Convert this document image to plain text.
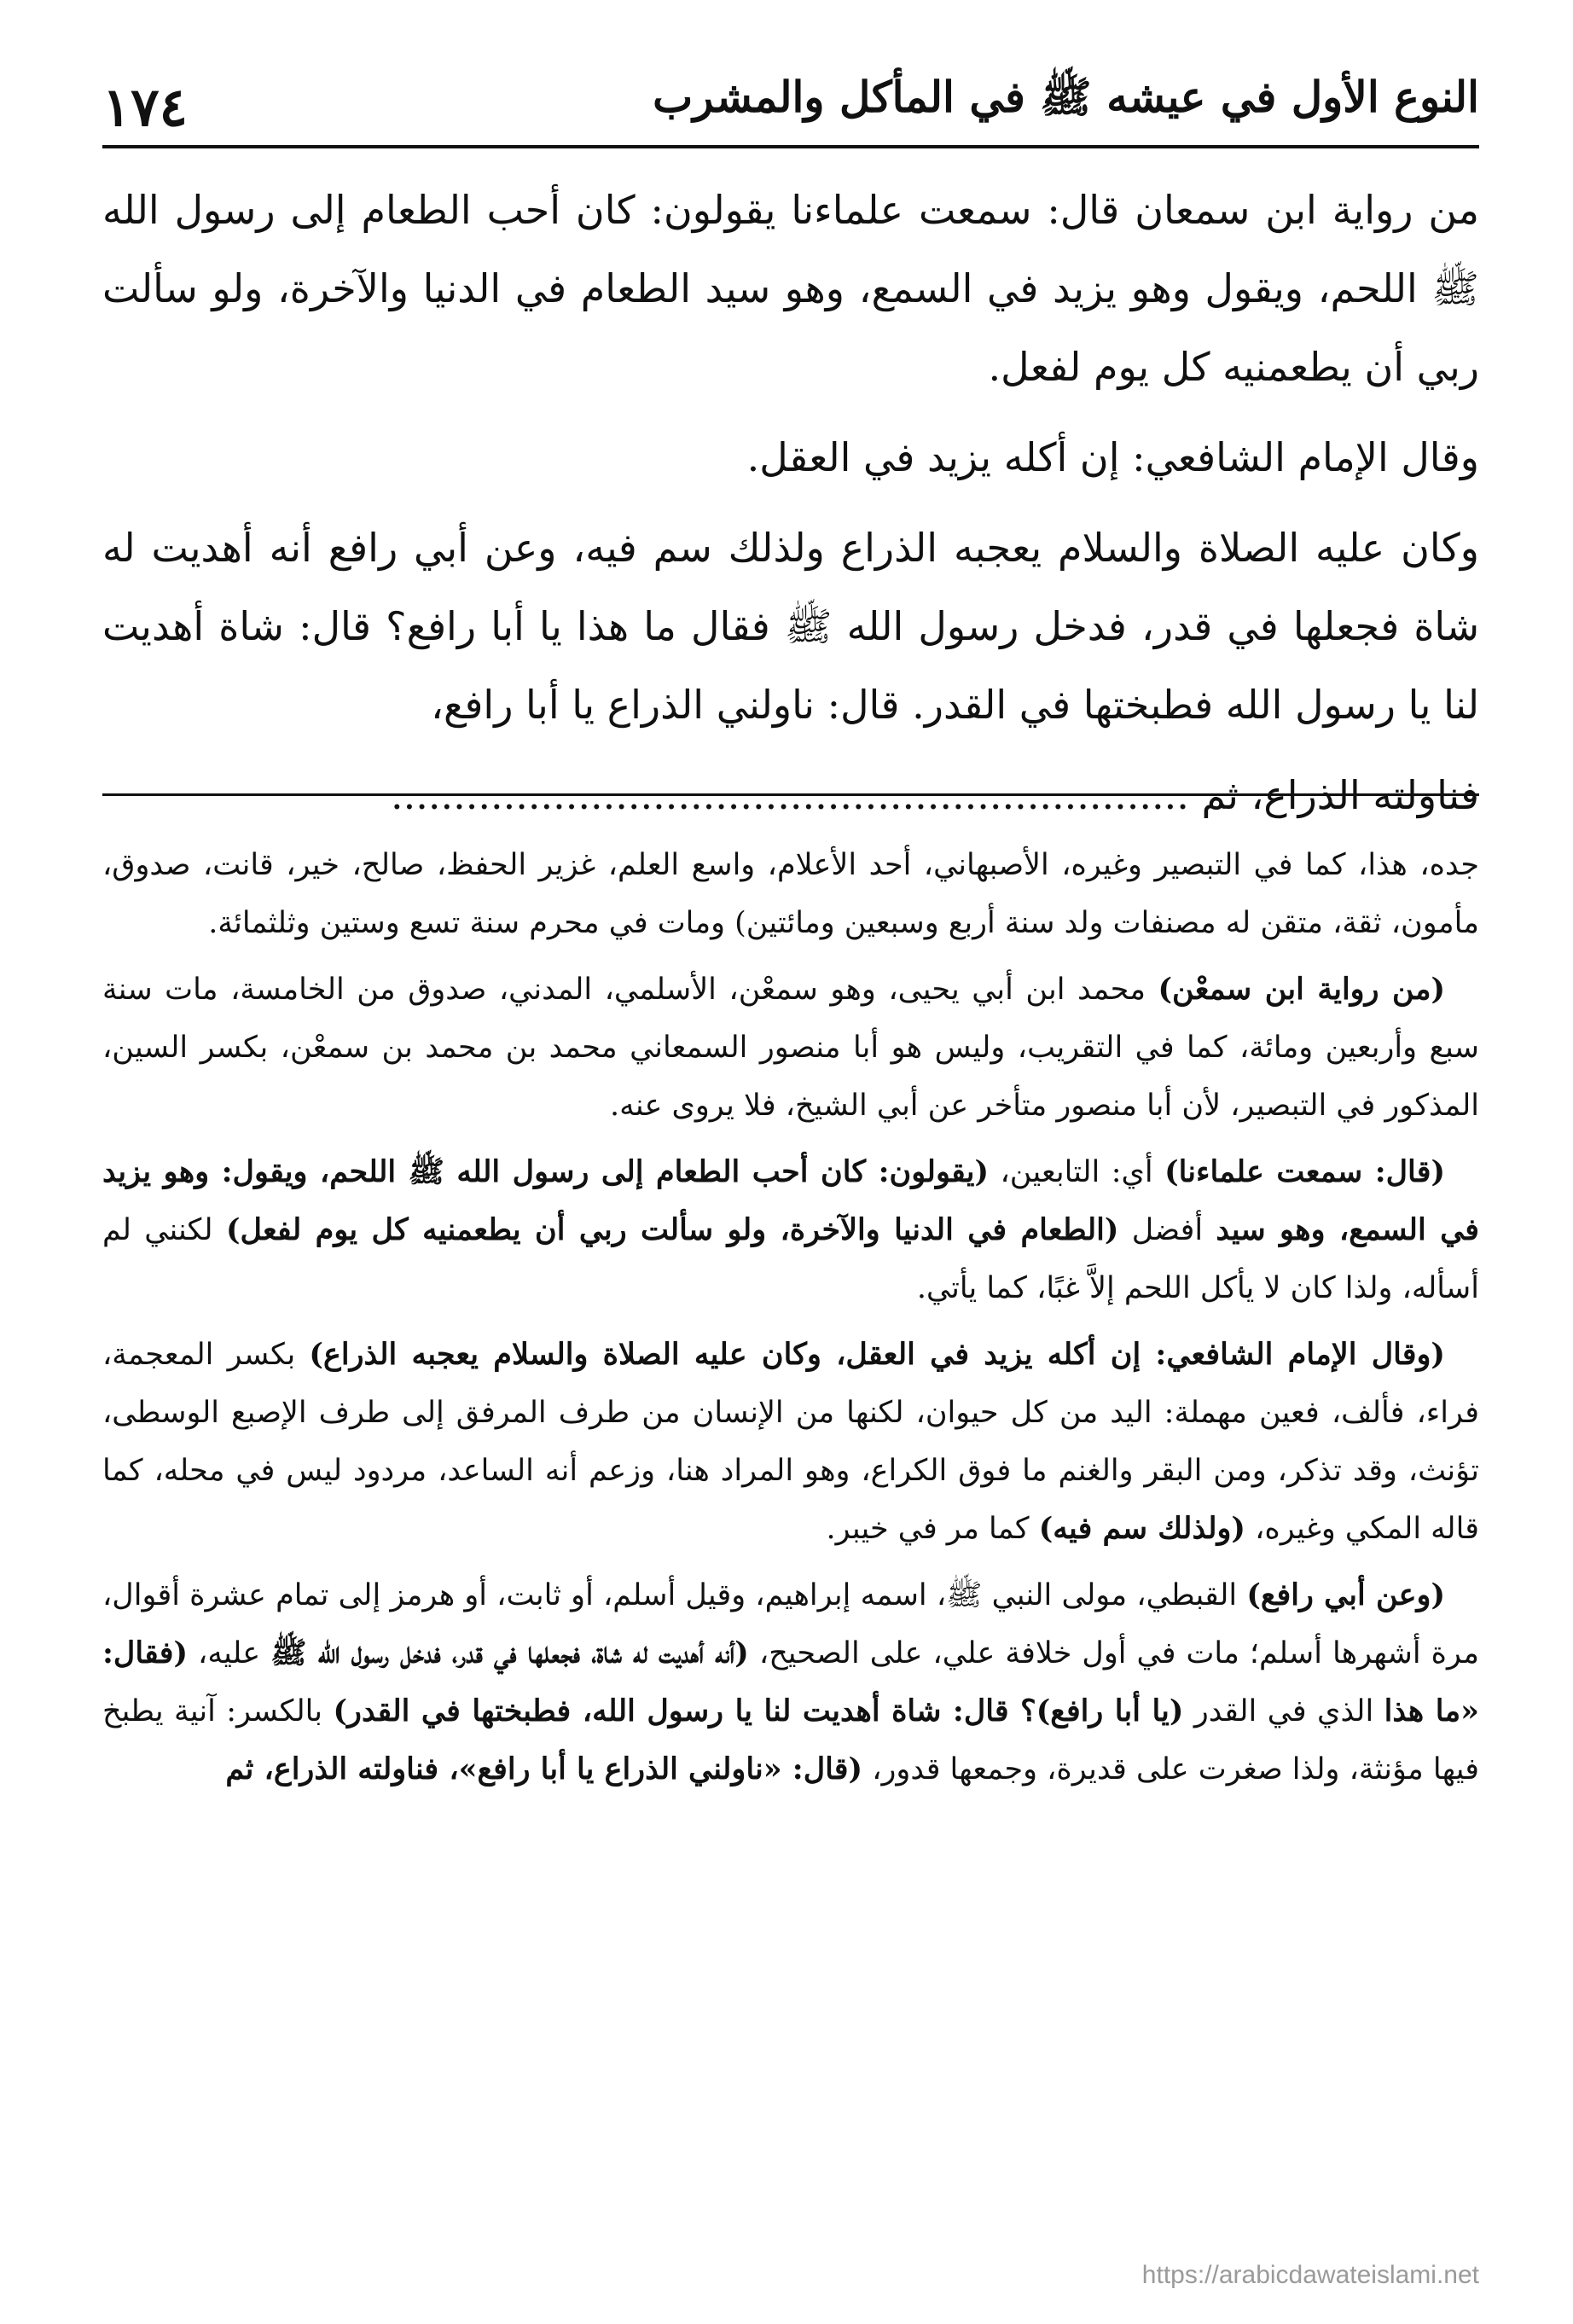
النوع الأول في عيشه ﷺ في المأكل والمشرب
١٧٤

من رواية ابن سمعان قال: سمعت علماءنا يقولون: كان أحب الطعام إلى رسول الله ﷺ اللحم، ويقول وهو يزيد في السمع، وهو سيد الطعام في الدنيا والآخرة، ولو سألت ربي أن يطعمنيه كل يوم لفعل.

وقال الإمام الشافعي: إن أكله يزيد في العقل.

وكان عليه الصلاة والسلام يعجبه الذراع ولذلك سم فيه، وعن أبي رافع أنه أهديت له شاة فجعلها في قدر، فدخل رسول الله ﷺ فقال ما هذا يا أبا رافع؟ قال: شاة أهديت لنا يا رسول الله فطبختها في القدر. قال: ناولني الذراع يا أبا رافع،

فناولته الذراع، ثم ................................................................

جده، هذا، كما في التبصير وغيره، الأصبهاني، أحد الأعلام، واسع العلم، غزير الحفظ، صالح، خير، قانت، صدوق، مأمون، ثقة، متقن له مصنفات ولد سنة أربع وسبعين ومائتين) ومات في محرم سنة تسع وستين وثلثمائة.

(من رواية ابن سمعْن) محمد ابن أبي يحيى، وهو سمعْن، الأسلمي، المدني، صدوق من الخامسة، مات سنة سبع وأربعين ومائة، كما في التقريب، وليس هو أبا منصور السمعاني محمد بن محمد بن سمعْن، بكسر السين، المذكور في التبصير، لأن أبا منصور متأخر عن أبي الشيخ، فلا يروى عنه.

(قال: سمعت علماءنا) أي: التابعين، (يقولون: كان أحب الطعام إلى رسول الله ﷺ اللحم، ويقول: وهو يزيد في السمع، وهو سيد أفضل (الطعام في الدنيا والآخرة، ولو سألت ربي أن يطعمنيه كل يوم لفعل) لكنني لم أسأله، ولذا كان لا يأكل اللحم إلاَّ غبًا، كما يأتي.

(وقال الإمام الشافعي: إن أكله يزيد في العقل، وكان عليه الصلاة والسلام يعجبه الذراع) بكسر المعجمة، فراء، فألف، فعين مهملة: اليد من كل حيوان، لكنها من الإنسان من طرف المرفق إلى طرف الإصبع الوسطى، تؤنث، وقد تذكر، ومن البقر والغنم ما فوق الكراع، وهو المراد هنا، وزعم أنه الساعد، مردود ليس في محله، كما قاله المكي وغيره، (ولذلك سم فيه) كما مر في خيبر.

(وعن أبي رافع) القبطي، مولى النبي ﷺ، اسمه إبراهيم، وقيل أسلم، أو ثابت، أو هرمز إلى تمام عشرة أقوال، مرة أشهرها أسلم؛ مات في أول خلافة علي، على الصحيح، (أنه أهديت له شاة، فجعلها في قدر، فدخل رسول الله ﷺ عليه، (فقال: «ما هذا الذي في القدر (يا أبا رافع)؟ قال: شاة أهديت لنا يا رسول الله، فطبختها في القدر) بالكسر: آنية يطبخ فيها مؤنثة، ولذا صغرت على قديرة، وجمعها قدور، (قال: «ناولني الذراع يا أبا رافع»، فناولته الذراع، ثم

https://arabicdawateislami.net
